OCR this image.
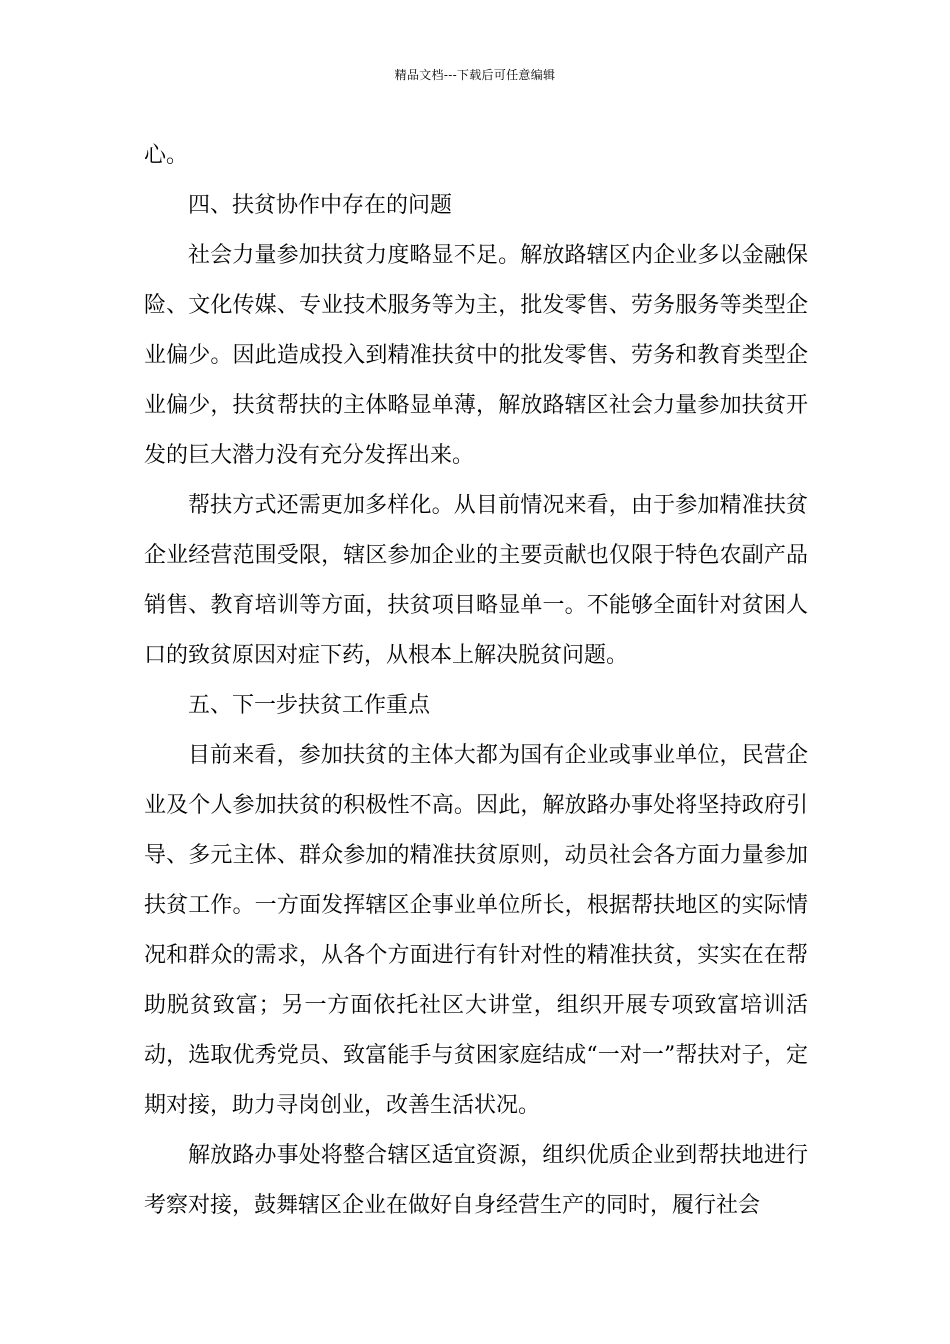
精品文档---下载后可任意编辑

心。

四、扶贫协作中存在的问题

社会力量参加扶贫力度略显不足。解放路辖区内企业多以金融保险、文化传媒、专业技术服务等为主，批发零售、劳务服务等类型企业偏少。因此造成投入到精准扶贫中的批发零售、劳务和教育类型企业偏少，扶贫帮扶的主体略显单薄，解放路辖区社会力量参加扶贫开发的巨大潜力没有充分发挥出来。

帮扶方式还需更加多样化。从目前情况来看，由于参加精准扶贫企业经营范围受限，辖区参加企业的主要贡献也仅限于特色农副产品销售、教育培训等方面，扶贫项目略显单一。不能够全面针对贫困人口的致贫原因对症下药，从根本上解决脱贫问题。

五、下一步扶贫工作重点

目前来看，参加扶贫的主体大都为国有企业或事业单位，民营企业及个人参加扶贫的积极性不高。因此，解放路办事处将坚持政府引导、多元主体、群众参加的精准扶贫原则，动员社会各方面力量参加扶贫工作。一方面发挥辖区企事业单位所长，根据帮扶地区的实际情况和群众的需求，从各个方面进行有针对性的精准扶贫，实实在在帮助脱贫致富；另一方面依托社区大讲堂，组织开展专项致富培训活动，选取优秀党员、致富能手与贫困家庭结成“一对一”帮扶对子，定期对接，助力寻岗创业，改善生活状况。

解放路办事处将整合辖区适宜资源，组织优质企业到帮扶地进行考察对接，鼓舞辖区企业在做好自身经营生产的同时，履行社会
